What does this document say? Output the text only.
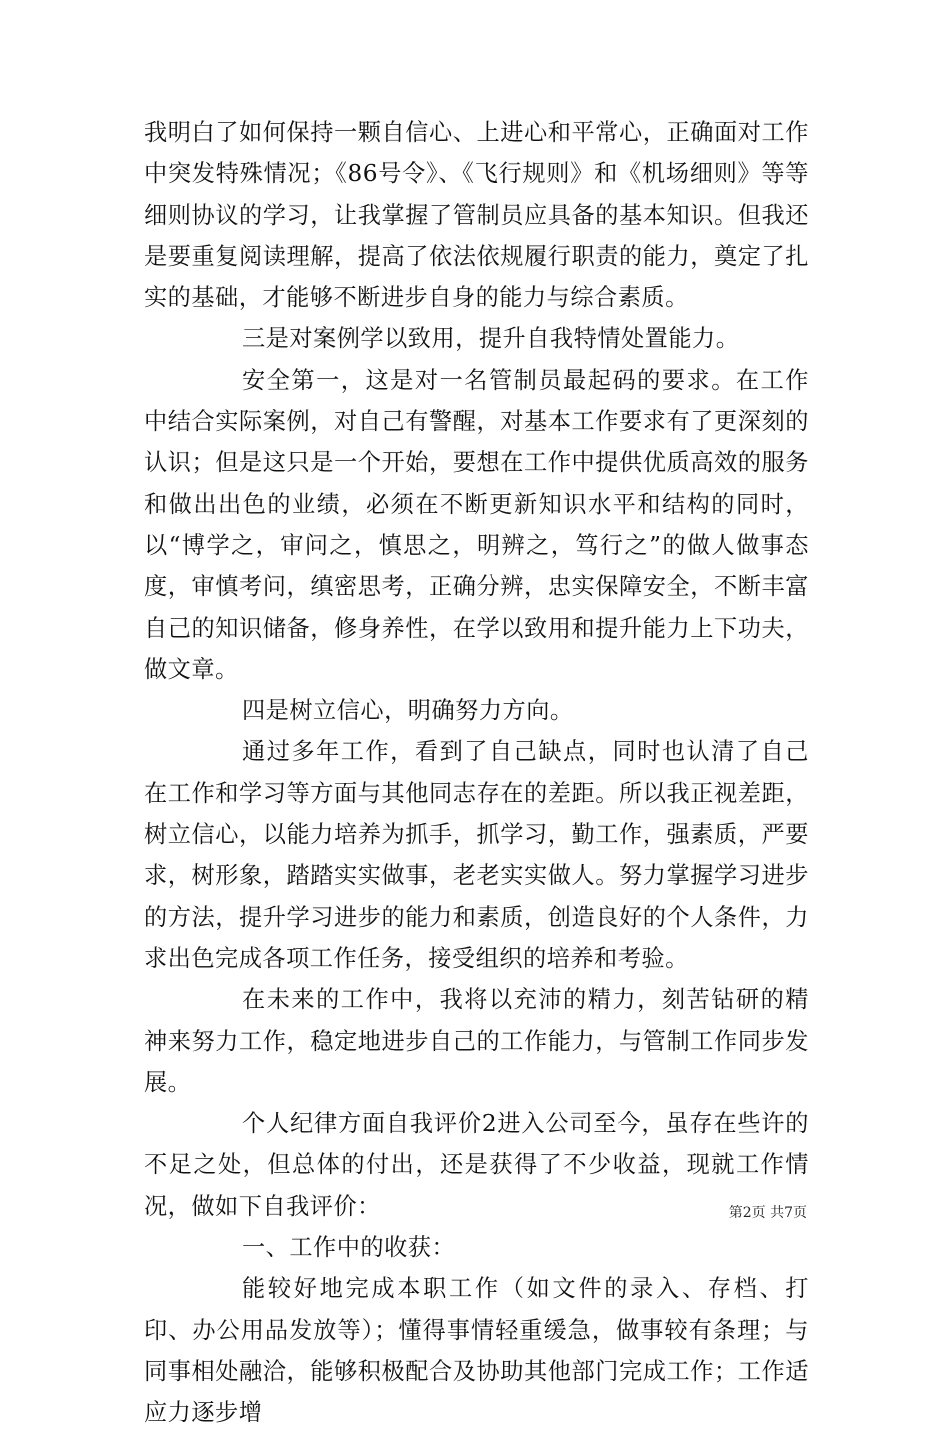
我明白了如何保持一颗自信心、上进心和平常心，正确面对工作中突发特殊情况；《86号令》、《飞行规则》和《机场细则》等等细则协议的学习，让我掌握了管制员应具备的基本知识。但我还是要重复阅读理解，提高了依法依规履行职责的能力，奠定了扎实的基础，才能够不断进步自身的能力与综合素质。

三是对案例学以致用，提升自我特情处置能力。

安全第一，这是对一名管制员最起码的要求。在工作中结合实际案例，对自己有警醒，对基本工作要求有了更深刻的认识；但是这只是一个开始，要想在工作中提供优质高效的服务和做出出色的业绩，必须在不断更新知识水平和结构的同时，以“博学之，审问之，慎思之，明辨之，笃行之”的做人做事态度，审慎考问，缜密思考，正确分辨，忠实保障安全，不断丰富自己的知识储备，修身养性，在学以致用和提升能力上下功夫，做文章。

四是树立信心，明确努力方向。

通过多年工作，看到了自己缺点，同时也认清了自己在工作和学习等方面与其他同志存在的差距。所以我正视差距，树立信心，以能力培养为抓手，抓学习，勤工作，强素质，严要求，树形象，踏踏实实做事，老老实实做人。努力掌握学习进步的方法，提升学习进步的能力和素质，创造良好的个人条件，力求出色完成各项工作任务，接受组织的培养和考验。

在未来的工作中，我将以充沛的精力，刻苦钻研的精神来努力工作，稳定地进步自己的工作能力，与管制工作同步发展。

个人纪律方面自我评价2进入公司至今，虽存在些许的不足之处，但总体的付出，还是获得了不少收益，现就工作情况，做如下自我评价：

一、工作中的收获：

能较好地完成本职工作（如文件的录入、存档、打印、办公用品发放等）；懂得事情轻重缓急，做事较有条理；与同事相处融洽，能够积极配合及协助其他部门完成工作；工作适应力逐步增

第2页 共7页
